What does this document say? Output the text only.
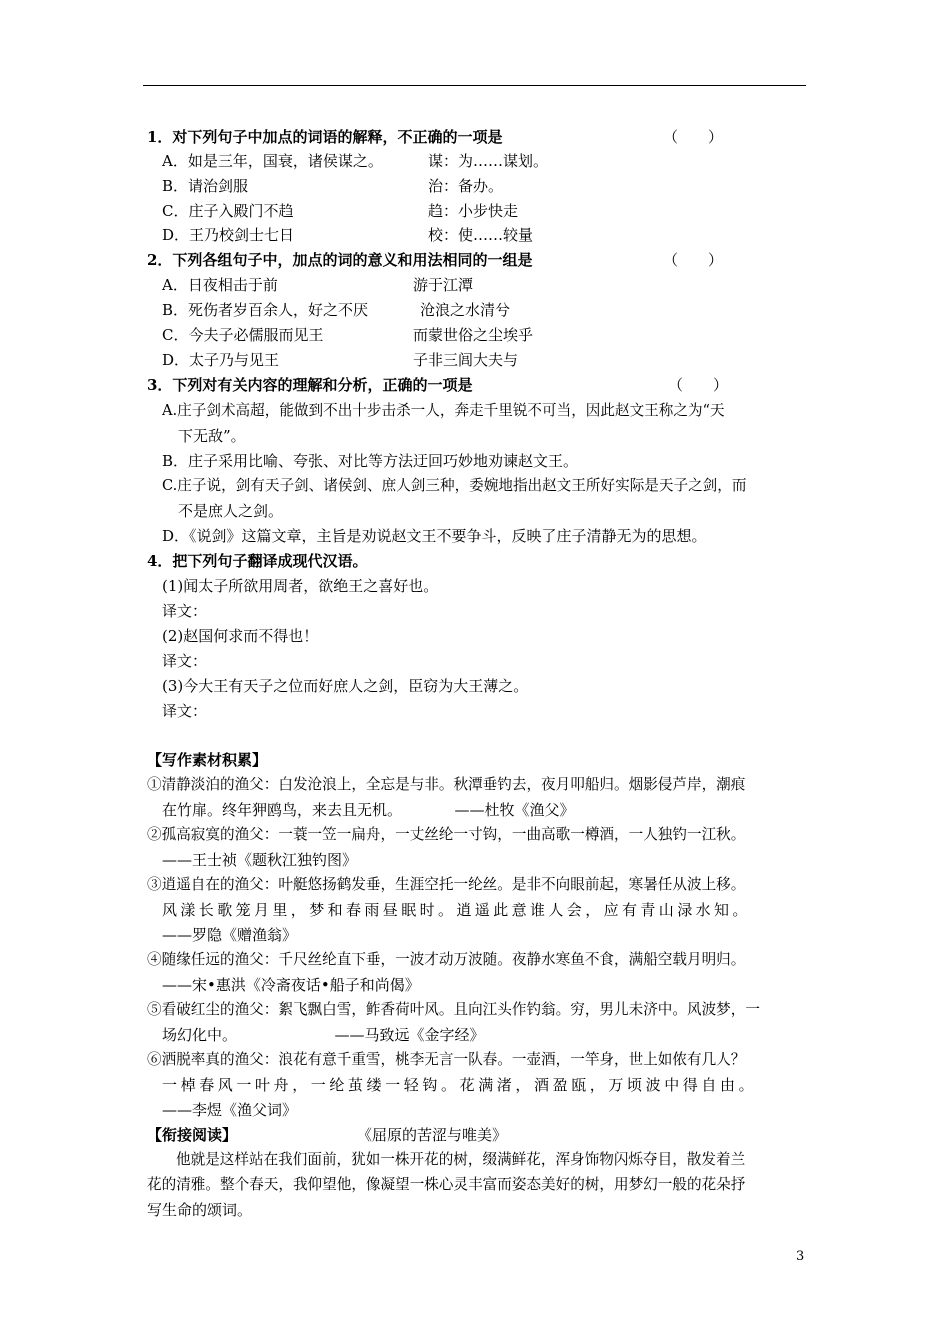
1．对下列句子中加点的词语的解释，不正确的一项是	（　　）
A．如是三年，国衰，诸侯谋之。	谋：为……谋划。
B．请治剑服	治：备办。
C．庄子入殿门不趋	趋：小步快走
D．王乃校剑士七日	校：使……较量
2．下列各组句子中，加点的词的意义和用法相同的一组是	（　　）
A．日夜相击于前	游于江潭
B．死伤者岁百余人，好之不厌	沧浪之水清兮
C．今夫子必儒服而见王	而蒙世俗之尘埃乎
D．太子乃与见王	子非三闾大夫与
3．下列对有关内容的理解和分析，正确的一项是	（　　）
A.庄子剑术高超，能做到不出十步击杀一人，奔走千里锐不可当，因此赵文王称之为“天
下无敌”。
B．庄子采用比喻、夸张、对比等方法迂回巧妙地劝谏赵文王。
C.庄子说，剑有天子剑、诸侯剑、庶人剑三种，委婉地指出赵文王所好实际是天子之剑，而
不是庶人之剑。
D．《说剑》这篇文章，主旨是劝说赵文王不要争斗，反映了庄子清静无为的思想。
4．把下列句子翻译成现代汉语。
(1)闻太子所欲用周者，欲绝王之喜好也。
译文：
(2)赵国何求而不得也！
译文：
(3)今大王有天子之位而好庶人之剑，臣窃为大王薄之。
译文：
【写作素材积累】
①清静淡泊的渔父：白发沧浪上，全忘是与非。秋潭垂钓去，夜月叩船归。烟影侵芦岸，潮痕
在竹扉。终年狎鸥鸟，来去且无机。　　　　——杜牧《渔父》
②孤高寂寞的渔父：一蓑一笠一扁舟，一丈丝纶一寸钩，一曲高歌一樽酒，一人独钓一江秋。
——王士祯《题秋江独钓图》
③逍遥自在的渔父：叶艇悠扬鹤发垂，生涯空托一纶丝。是非不向眼前起，寒暑任从波上移。
风漾长歌笼月里，梦和春雨昼眠时。逍遥此意谁人会，应有青山渌水知。
——罗隐《赠渔翁》
④随缘任远的渔父：千尺丝纶直下垂，一波才动万波随。夜静水寒鱼不食，满船空载月明归。
——宋•惠洪《冷斋夜话•船子和尚偈》
⑤看破红尘的渔父：絮飞飘白雪，鲊香荷叶风。且向江头作钓翁。穷，男儿未济中。风波梦，一
场幻化中。　　　　　　　——马致远《金字经》
⑥洒脱率真的渔父：浪花有意千重雪，桃李无言一队春。一壶酒，一竿身，世上如侬有几人？
一棹春风一叶舟，一纶茧缕一轻钩。花满渚，酒盈瓯，万顷波中得自由。
——李煜《渔父词》
【衔接阅读】	《屈原的苦涩与唯美》
他就是这样站在我们面前，犹如一株开花的树，缀满鲜花，浑身饰物闪烁夺目，散发着兰
花的清雅。整个春天，我仰望他，像凝望一株心灵丰富而姿态美好的树，用梦幻一般的花朵抒
写生命的颂词。
3
